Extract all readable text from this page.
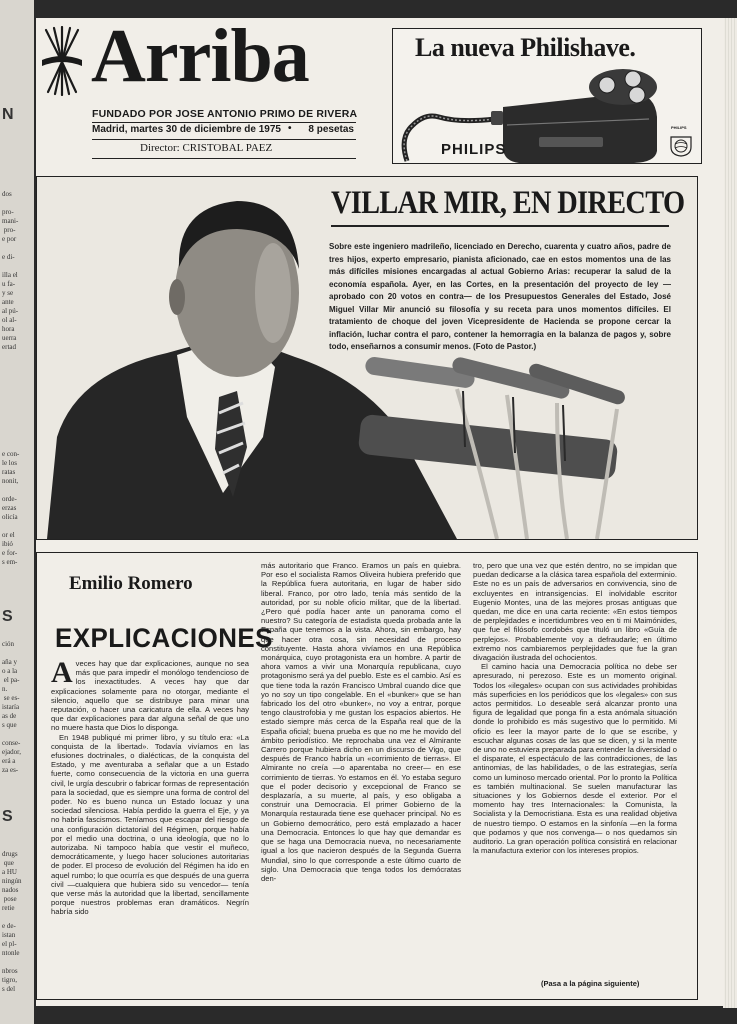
N
dos

pro-
mani-
pro-
e por

e di-

illa el
u fa-
y se
ante
al pú-
ol al-
hora
uerra
ertad
e con-
le los
ratas
nonit,

orde-
erzas
olicía

or el
ibió
e for-
s em-
S
ción

aña y
o a la
el pa-
n.
se es-
istaría
as de
s que

conse-
ejador,
erá a
za es-
S
drugs
que
a HU
ningún
nados
pose
retie

e de-
istan
el pl-
ntonle

nbros
tigro,
s del
Arriba
FUNDADO POR JOSE ANTONIO PRIMO DE RIVERA
Madrid, martes 30 de diciembre de 1975 • 8 pesetas
Director: CRISTOBAL PAEZ
La nueva Philishave.
PHILIPS
PHILIPS
VILLAR MIR, EN DIRECTO
Sobre este ingeniero madrileño, licenciado en Derecho, cuarenta y cuatro años, padre de tres hijos, experto empresario, pianista aficionado, cae en estos momentos una de las más difíciles misiones encargadas al actual Gobierno Arias: recuperar la salud de la economía española. Ayer, en las Cortes, en la presentación del proyecto de ley —aprobado con 20 votos en contra— de los Presupuestos Generales del Estado, José Miguel Villar Mir anunció su filosofía y su receta para unos momentos difíciles. El tratamiento de choque del joven Vicepresidente de Hacienda se propone cercar la inflación, luchar contra el paro, contener la hemorragia en la balanza de pagos y, sobre todo, enseñarnos a consumir menos. (Foto de Pastor.)
Emilio Romero
EXPLICACIONES

Aveces hay que dar explicaciones, aunque no sea más que para impedir el monólogo tendencioso de los inexactitudes. A veces hay que dar explicaciones solamente para no otorgar, mediante el silencio, aquello que se distribuye para minar una reputación, o hacer una caricatura de ella. A veces hay que dar explicaciones para dar alguna señal de que uno no muere hasta que Dios lo disponga.

En 1948 publiqué mi primer libro, y su título era: «La conquista de la libertad». Todavía vivíamos en las efusiones doctrinales, o dialécticas, de la conquista del Estado, y me aventuraba a señalar que a un Estado fuerte, como consecuencia de la victoria en una guerra civil, le urgía descubrir o fabricar formas de representación para la sociedad, que es siempre una forma de control del poder. No es bueno nunca un Estado locuaz y una sociedad silenciosa. Había perdido la guerra el Eje, y ya no habría fascismos. Teníamos que escapar del riesgo de una configuración dictatorial del Régimen, porque había por el medio una doctrina, o una ideología, que no lo autorizaba. Ni tampoco había que vestir el muñeco, democráticamente, y luego hacer soluciones autoritarias de poder. El proceso de evolución del Régimen ha ido en aquel rumbo; lo que ocurría es que después de una guerra civil —cualquiera que hubiera sido su vencedor— tenía que verse más la autoridad que la libertad, sencillamente porque nuestros problemas eran dramáticos. Negrín habría sido

más autoritario que Franco. Eramos un país en quiebra. Por eso el socialista Ramos Oliveira hubiera preferido que la República fuera autoritaria, en lugar de haber sido liberal. Franco, por otro lado, tenía más sentido de la autoridad, por su noble oficio militar, que de la libertad. ¿Pero qué podía hacer ante un panorama como el nuestro? Su categoría de estadista queda probada ante la España que tenemos a la vista. Ahora, sin embargo, hay que hacer otra cosa, sin necesidad de proceso constituyente. Hasta ahora vivíamos en una República monárquica, cuyo protagonista era un hombre. A partir de ahora vamos a vivir una Monarquía republicana, cuyo protagonismo será ya del pueblo. Este es el cambio. Así es que tiene toda la razón Francisco Umbral cuando dice que yo no soy un tipo congelable. En el «bunker» que se han fabricado los del otro «bunker», no voy a entrar, porque tengo claustrofobia y me gustan los espacios abiertos. He estado siempre más cerca de la España real que de la España oficial; buena prueba es que no me he movido del ámbito periodístico. Me reprochaba una vez el Almirante Carrero porque hubiera dicho en un discurso de Vigo, que después de Franco habría un «corrimiento de tierras». El Almirante no creía —o aparentaba no creer— en ese corrimiento de tierras. Yo estamos en él. Yo estaba seguro que el poder decisorio y excepcional de Franco se desplazaría, a su muerte, al país, y eso obligaba a construir una Democracia. El primer Gobierno de la Monarquía restaurada tiene ese quehacer principal. No es un Gobierno democrático, pero está emplazado a hacer una Democracia. Entonces lo que hay que demandar es que se haga una Democracia nueva, no necesariamente igual a los que nacieron después de la Segunda Guerra Mundial, sino lo que corresponde a este último cuarto de siglo. Una Democracia que tenga todos los demócratas den-

tro, pero que una vez que estén dentro, no se impidan que puedan dedicarse a la clásica tarea española del exterminio. Este no es un país de adversarios en convivencia, sino de excluyentes en intransigencias. El inolvidable escritor Eugenio Montes, una de las mejores prosas antiguas que quedan, me dice en una carta reciente: «En estos tiempos de perplejidades e incertidumbres veo en ti mi Maimónides, que fue el filósofo cordobés que tituló un libro «Guía de perplejos». Probablemente voy a defraudarle; en último extremo nos cambiaremos perplejidades que fue la gran divagación ilustrada del ochocientos.

El camino hacia una Democracia política no debe ser apresurado, ni perezoso. Este es un momento original. Todos los «ilegales» ocupan con sus actividades prohibidas más superficies en los periódicos que los «legales» con sus actos permitidos. Lo deseable será alcanzar pronto una figura de legalidad que ponga fin a esta anómala situación donde lo prohibido es más sugestivo que lo permitido. Mi oficio es leer la mayor parte de lo que se escribe, y escuchar algunas cosas de las que se dicen, y si la mente de uno no estuviera preparada para entender la diversidad o el disparate, el espectáculo de las contradicciones, de las antinomias, de las habilidades, o de las estrategias, sería como un luminoso mercado oriental. Por lo pronto la Política es también multinacional. Se suelen manufacturar las situaciones y los Gobiernos desde el exterior. Por el momento hay tres Internacionales: la Comunista, la Socialista y la Democristiana. Esta es una realidad objetiva de nuestro tiempo. O estamos en la sinfonía —en la forma que podamos y que nos convenga— o nos quedamos sin auditorio. La gran operación política consistirá en relacionar la manufactura exterior con los intereses propios.

(Pasa a la página siguiente)
